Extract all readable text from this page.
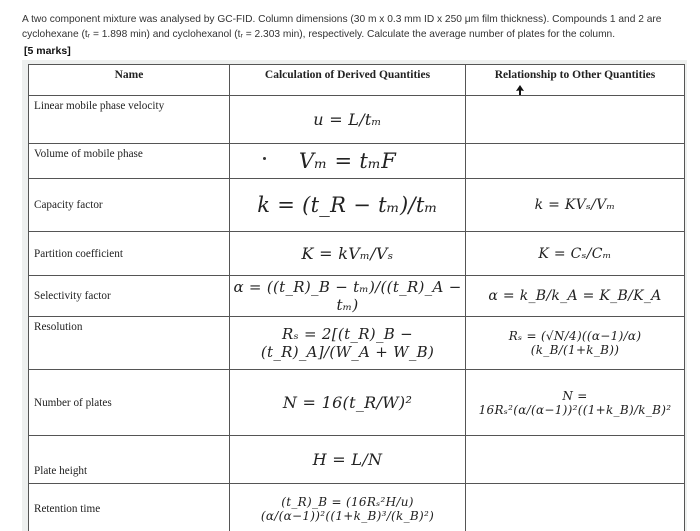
A two component mixture was analysed by GC-FID. Column dimensions (30 m x 0.3 mm ID x 250 μm film thickness). Compounds 1 and 2 are cyclohexane (tᵣ = 1.898 min) and cyclohexanol (tᵣ = 2.303 min), respectively. Calculate the average number of plates for the column.
[5 marks]
Name	Calculation of Derived Quantities	Relationship to Other Quantities
Linear mobile phase velocity	u = L/tₘ	
Volume of mobile phase	Vₘ = tₘF	
Capacity factor	k = (t_R − tₘ)/tₘ	k = KVₛ/Vₘ
Partition coefficient	K = kVₘ/Vₛ	K = Cₛ/Cₘ
Selectivity factor	α = ((t_R)_B − tₘ)/((t_R)_A − tₘ)	α = k_B/k_A = K_B/K_A
Resolution	Rₛ = 2[(t_R)_B − (t_R)_A]/(W_A + W_B)	Rₛ = (√N/4)((α−1)/α)(k_B/(1+k_B))
Number of plates	N = 16(t_R/W)²	N = 16Rₛ²(α/(α−1))²((1+k_B)/k_B)²
Plate height	H = L/N	
Retention time	(t_R)_B = (16Rₛ²H/u)(α/(α−1))²((1+k_B)³/(k_B)²)	
